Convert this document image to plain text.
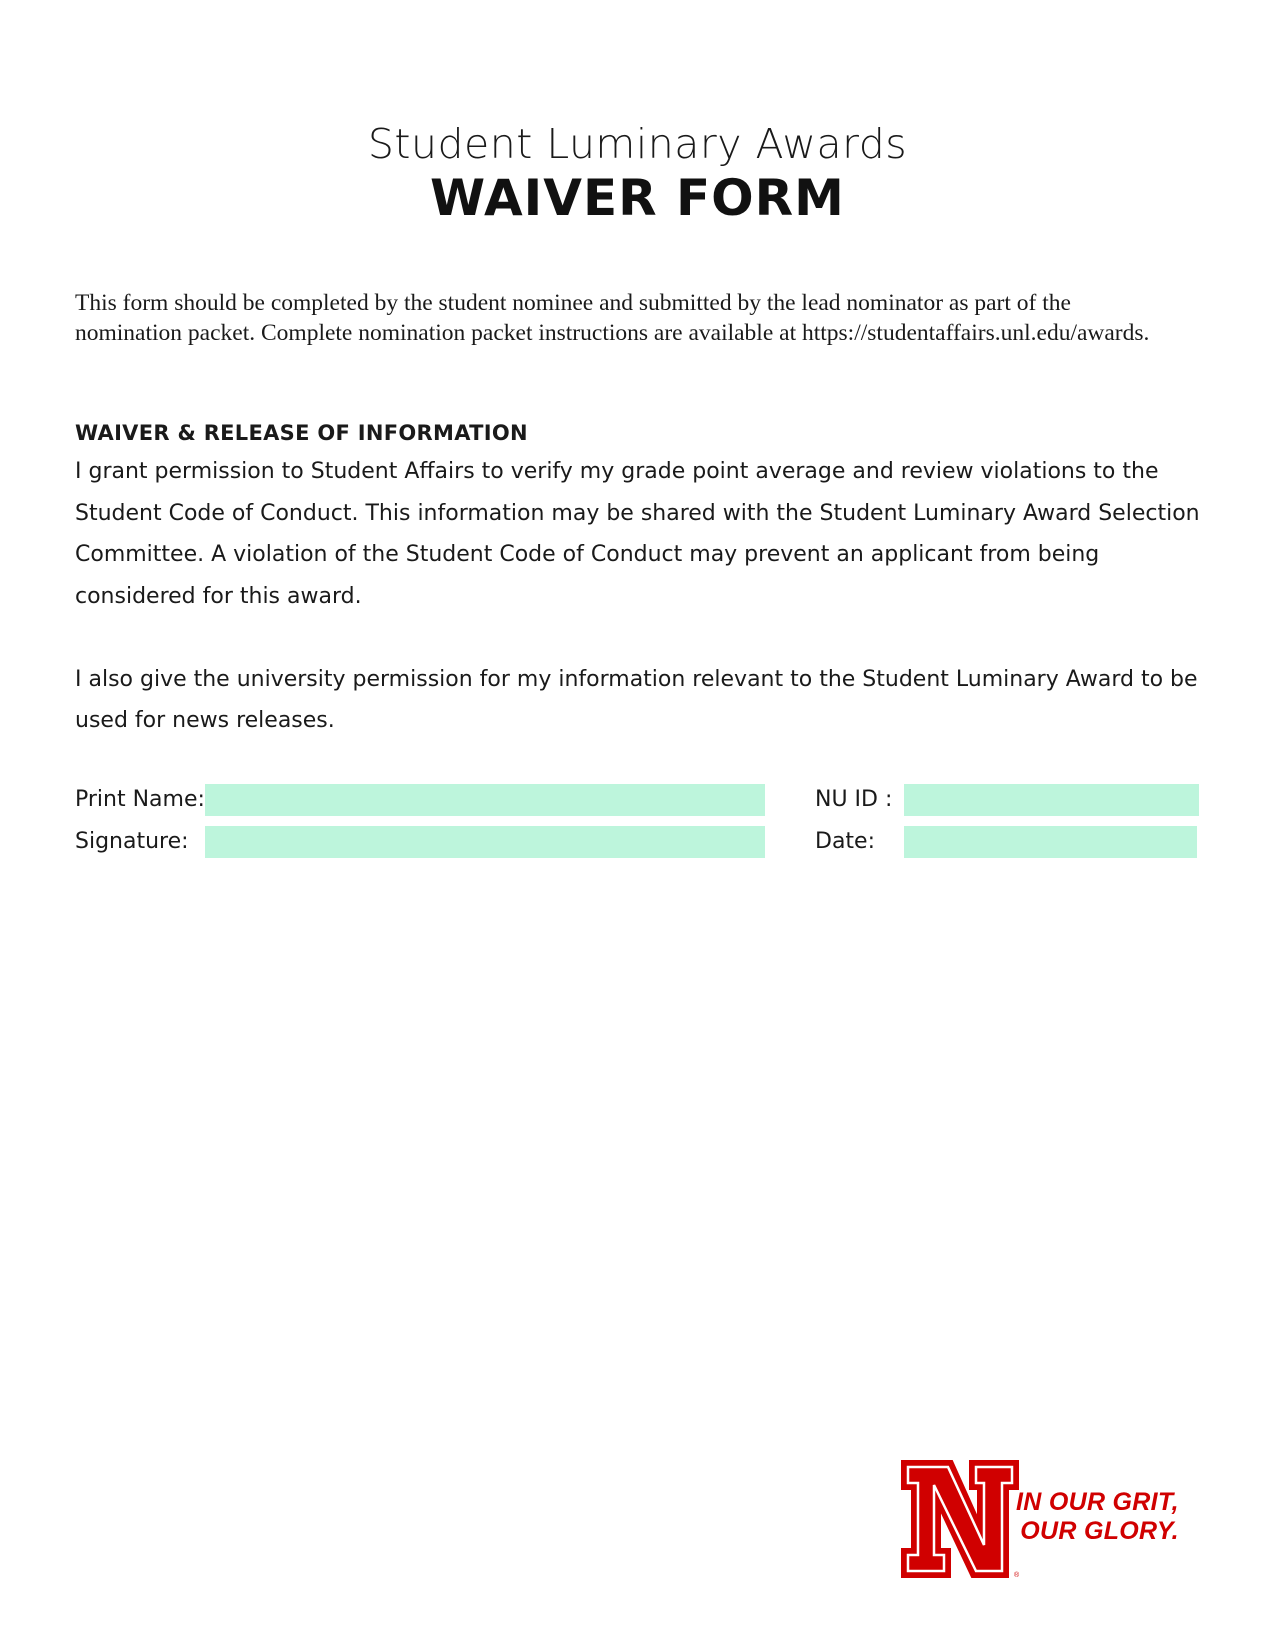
Student Luminary Awards
WAIVER FORM
This form should be completed by the student nominee and submitted by the lead nominator as part of the
nomination packet. Complete nomination packet instructions are available at https://studentaffairs.unl.edu/awards.
WAIVER & RELEASE OF INFORMATION

I grant permission to Student Affairs to verify my grade point average and review violations to the Student Code of Conduct. This information may be shared with the Student Luminary Award Selection Committee. A violation of the Student Code of Conduct may prevent an applicant from being considered for this award.

I also give the university permission for my information relevant to the Student Luminary Award to be used for news releases.

Print Name:	NU ID :
Signature:	Date:
®
IN OUR GRIT,
OUR GLORY.
